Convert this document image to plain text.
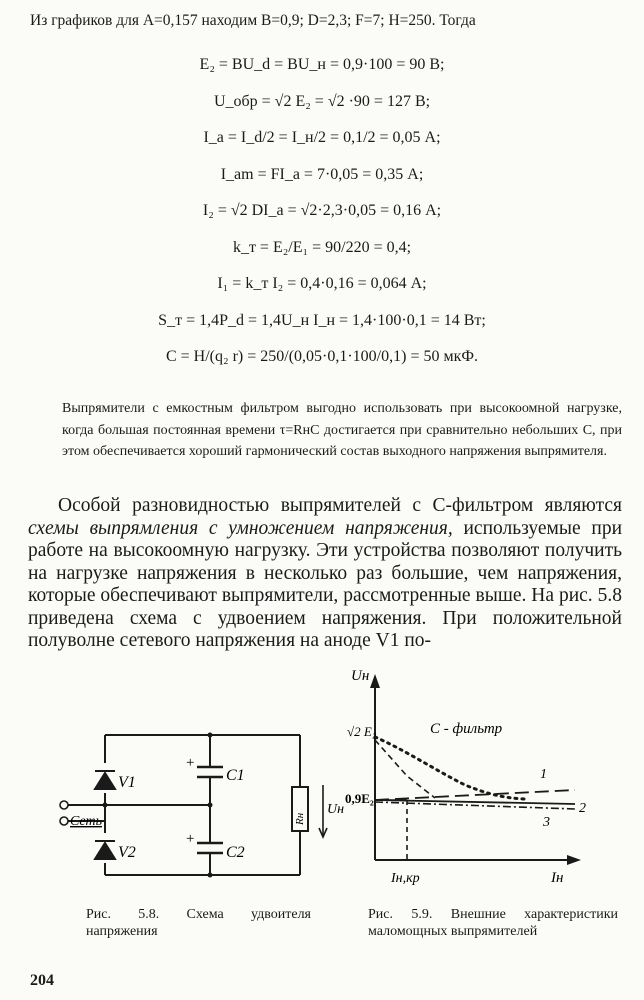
Из графиков для A=0,157 находим B=0,9; D=2,3; F=7; H=250. Тогда

E₂ = BU_d = BU_н = 0,9·100 = 90 В;
U_обр = √2 E₂ = √2 ·90 = 127 В;
I_a = I_d/2 = I_н/2 = 0,1/2 = 0,05 А;
I_am = FI_a = 7·0,05 = 0,35 А;
I₂ = √2 DI_a = √2·2,3·0,05 = 0,16 А;
k_т = E₂/E₁ = 90/220 = 0,4;
I₁ = k_т I₂ = 0,4·0,16 = 0,064 А;
S_т = 1,4P_d = 1,4U_н I_н = 1,4·100·0,1 = 14 Вт;
C = H/(q₂ r) = 250/(0,05·0,1·100/0,1) = 50 мкФ.

Выпрямители с емкостным фильтром выгодно использовать при высокоомной нагрузке, когда большая постоянная времени τ=RнC достигается при сравнительно небольших C, при этом обеспечивается хороший гармонический состав выходного напряжения выпрямителя.

Особой разновидностью выпрямителей с C-фильтром являются схемы выпрямления с умножением напряжения, используемые при работе на высокоомную нагрузку. Эти устройства позволяют получить на нагрузке напряжения в несколько раз большие, чем напряжения, которые обеспечивают выпрямители, рассмотренные выше. На рис. 5.8 приведена схема с удвоением напряжения. При положительной полуволне сетевого напряжения на аноде V1 по-

V1
V2
C1
C2
+
+
Rн
Uн
Сеть
Uн
√2 E₂
0,9E₂
C - фильтр
1
2
3
Iн,кр	Iн

Рис. 5.8. Схема удвоителя напряжения

Рис. 5.9. Внешние характеристики маломощных выпрямителей

204
